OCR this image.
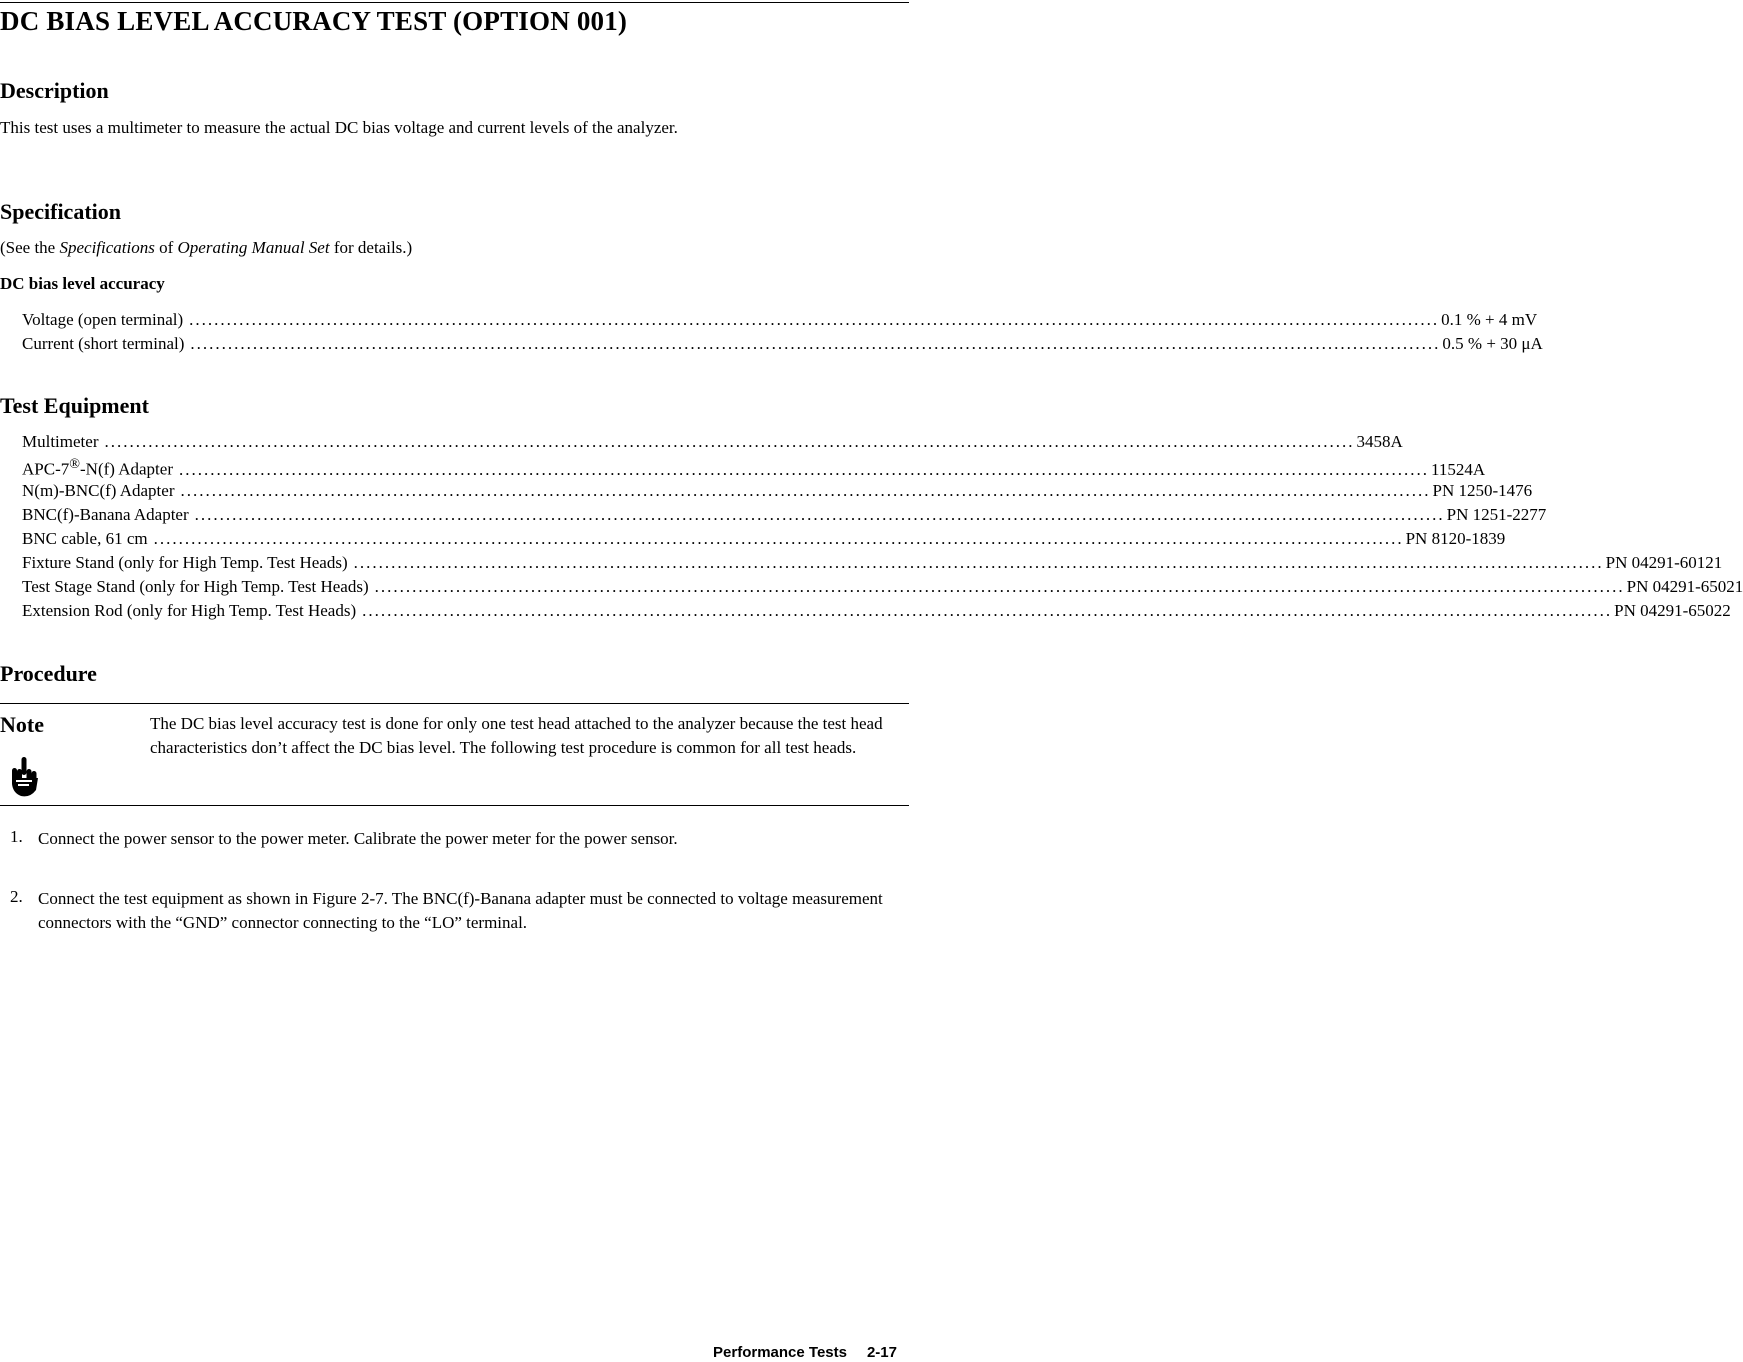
DC BIAS LEVEL ACCURACY TEST (OPTION 001)
Description

This test uses a multimeter to measure the actual DC bias voltage and current levels of the analyzer.

Specification

(See the Specifications of Operating Manual Set for details.)

DC bias level accuracy
Voltage (open terminal) ........................................................................................................................................................................................................ 0.1 % + 4 mV
Current (short terminal) ........................................................................................................................................................................................................ 0.5 % + 30 μA
Test Equipment
Multimeter ........................................................................................................................................................................................................ 3458A
APC-7®-N(f) Adapter ........................................................................................................................................................................................................ 11524A
N(m)-BNC(f) Adapter ........................................................................................................................................................................................................ PN 1250-1476
BNC(f)-Banana Adapter ........................................................................................................................................................................................................ PN 1251-2277
BNC cable, 61 cm ........................................................................................................................................................................................................ PN 8120-1839
Fixture Stand (only for High Temp. Test Heads) ........................................................................................................................................................................................................ PN 04291-60121
Test Stage Stand (only for High Temp. Test Heads) ........................................................................................................................................................................................................ PN 04291-65021
Extension Rod (only for High Temp. Test Heads) ........................................................................................................................................................................................................ PN 04291-65022
Procedure
Note	The DC bias level accuracy test is done for only one test head attached to the analyzer because the test head characteristics don’t affect the DC bias level. The following test procedure is common for all test heads.

1. Connect the power sensor to the power meter. Calibrate the power meter for the power sensor.

2. Connect the test equipment as shown in Figure 2-7. The BNC(f)-Banana adapter must be connected to voltage measurement connectors with the “GND” connector connecting to the “LO” terminal.

Performance Tests 2-17
